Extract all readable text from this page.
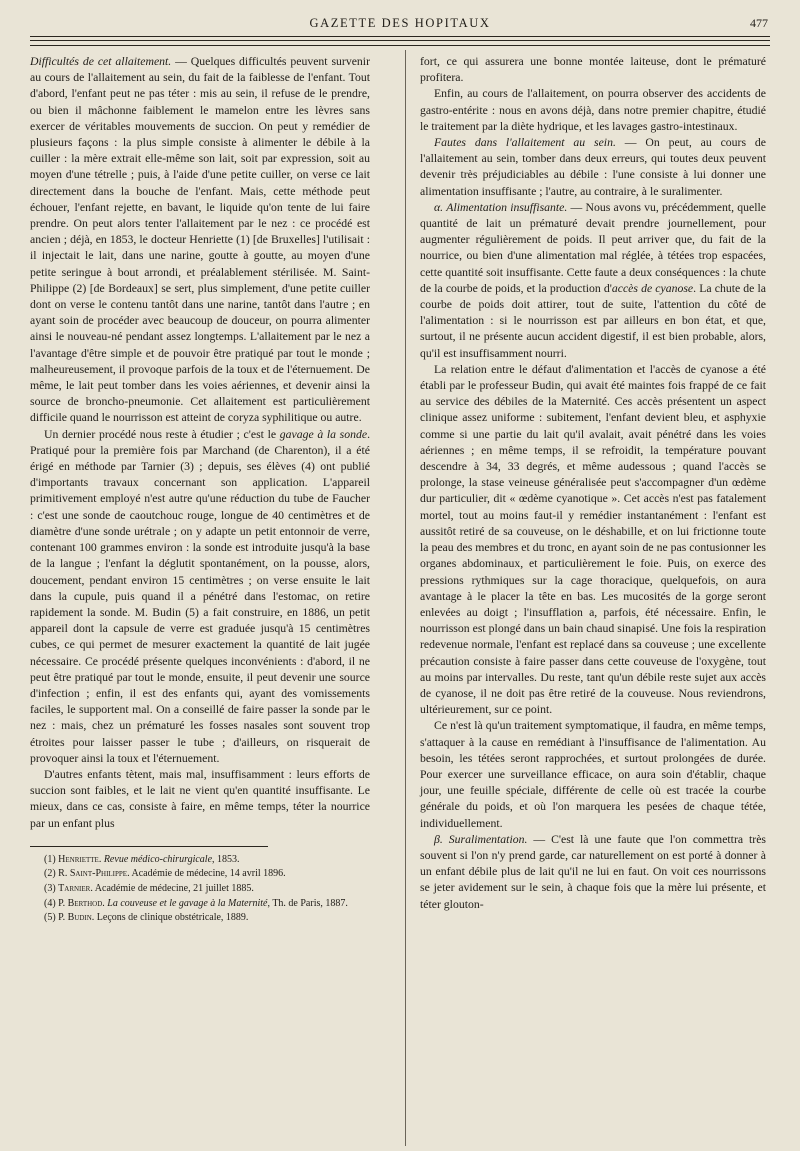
GAZETTE DES HOPITAUX	477

Difficultés de cet allaitement. — Quelques difficultés peuvent survenir au cours de l'allaitement au sein, du fait de la faiblesse de l'enfant. Tout d'abord, l'enfant peut ne pas téter : mis au sein, il refuse de le prendre, ou bien il mâchonne faiblement le mamelon entre les lèvres sans exercer de véritables mouvements de succion. On peut y remédier de plusieurs façons : la plus simple consiste à alimenter le débile à la cuiller : la mère extrait elle-même son lait, soit par expression, soit au moyen d'une tétrelle ; puis, à l'aide d'une petite cuiller, on verse ce lait directement dans la bouche de l'enfant. Mais, cette méthode peut échouer, l'enfant rejette, en bavant, le liquide qu'on tente de lui faire prendre. On peut alors tenter l'allaitement par le nez : ce procédé est ancien ; déjà, en 1853, le docteur Henriette (1) [de Bruxelles] l'utilisait : il injectait le lait, dans une narine, goutte à goutte, au moyen d'une petite seringue à bout arrondi, et préalablement stérilisée. M. Saint-Philippe (2) [de Bordeaux] se sert, plus simplement, d'une petite cuiller dont on verse le contenu tantôt dans une narine, tantôt dans l'autre ; en ayant soin de procéder avec beaucoup de douceur, on pourra alimenter ainsi le nouveau-né pendant assez longtemps. L'allaitement par le nez a l'avantage d'être simple et de pouvoir être pratiqué par tout le monde ; malheureusement, il provoque parfois de la toux et de l'éternuement. De même, le lait peut tomber dans les voies aériennes, et devenir ainsi la source de broncho-pneumonie. Cet allaitement est particulièrement difficile quand le nourrisson est atteint de coryza syphilitique ou autre.

Un dernier procédé nous reste à étudier ; c'est le gavage à la sonde. Pratiqué pour la première fois par Marchand (de Charenton), il a été érigé en méthode par Tarnier (3) ; depuis, ses élèves (4) ont publié d'importants travaux concernant son application. L'appareil primitivement employé n'est autre qu'une réduction du tube de Faucher : c'est une sonde de caoutchouc rouge, longue de 40 centimètres et de diamètre d'une sonde urétrale ; on y adapte un petit entonnoir de verre, contenant 100 grammes environ : la sonde est introduite jusqu'à la base de la langue ; l'enfant la déglutit spontanément, on la pousse, alors, doucement, pendant environ 15 centimètres ; on verse ensuite le lait dans la cupule, puis quand il a pénétré dans l'estomac, on retire rapidement la sonde. M. Budin (5) a fait construire, en 1886, un petit appareil dont la capsule de verre est graduée jusqu'à 15 centimètres cubes, ce qui permet de mesurer exactement la quantité de lait jugée nécessaire. Ce procédé présente quelques inconvénients : d'abord, il ne peut être pratiqué par tout le monde, ensuite, il peut devenir une source d'infection ; enfin, il est des enfants qui, ayant des vomissements faciles, le supportent mal. On a conseillé de faire passer la sonde par le nez : mais, chez un prématuré les fosses nasales sont souvent trop étroites pour laisser passer le tube ; d'ailleurs, on risquerait de provoquer ainsi la toux et l'éternuement.

D'autres enfants tètent, mais mal, insuffisamment : leurs efforts de succion sont faibles, et le lait ne vient qu'en quantité insuffisante. Le mieux, dans ce cas, consiste à faire, en même temps, téter la nourrice par un enfant plus

(1) Henriette. Revue médico-chirurgicale, 1853.

(2) R. Saint-Philippe. Académie de médecine, 14 avril 1896.

(3) Tarnier. Académie de médecine, 21 juillet 1885.

(4) P. Berthod. La couveuse et le gavage à la Maternité, Th. de Paris, 1887.

(5) P. Budin. Leçons de clinique obstétricale, 1889.

fort, ce qui assurera une bonne montée laiteuse, dont le prématuré profitera.

Enfin, au cours de l'allaitement, on pourra observer des accidents de gastro-entérite : nous en avons déjà, dans notre premier chapitre, étudié le traitement par la diète hydrique, et les lavages gastro-intestinaux.

Fautes dans l'allaitement au sein. — On peut, au cours de l'allaitement au sein, tomber dans deux erreurs, qui toutes deux peuvent devenir très préjudiciables au débile : l'une consiste à lui donner une alimentation insuffisante ; l'autre, au contraire, à le suralimenter.

α. Alimentation insuffisante. — Nous avons vu, précédemment, quelle quantité de lait un prématuré devait prendre journellement, pour augmenter régulièrement de poids. Il peut arriver que, du fait de la nourrice, ou bien d'une alimentation mal réglée, à tétées trop espacées, cette quantité soit insuffisante. Cette faute a deux conséquences : la chute de la courbe de poids, et la production d'accès de cyanose. La chute de la courbe de poids doit attirer, tout de suite, l'attention du côté de l'alimentation : si le nourrisson est par ailleurs en bon état, et que, surtout, il ne présente aucun accident digestif, il est bien probable, alors, qu'il est insuffisamment nourri.

La relation entre le défaut d'alimentation et l'accès de cyanose a été établi par le professeur Budin, qui avait été maintes fois frappé de ce fait au service des débiles de la Maternité. Ces accès présentent un aspect clinique assez uniforme : subitement, l'enfant devient bleu, et asphyxie comme si une partie du lait qu'il avalait, avait pénétré dans les voies aériennes ; en même temps, il se refroidit, la température pouvant descendre à 34, 33 degrés, et même audessous ; quand l'accès se prolonge, la stase veineuse généralisée peut s'accompagner d'un œdème dur particulier, dit « œdème cyanotique ». Cet accès n'est pas fatalement mortel, tout au moins faut-il y remédier instantanément : l'enfant est aussitôt retiré de sa couveuse, on le déshabille, et on lui frictionne toute la peau des membres et du tronc, en ayant soin de ne pas contusionner les organes abdominaux, et particulièrement le foie. Puis, on exerce des pressions rythmiques sur la cage thoracique, quelquefois, on aura avantage à le placer la tête en bas. Les mucosités de la gorge seront enlevées au doigt ; l'insufflation a, parfois, été nécessaire. Enfin, le nourrisson est plongé dans un bain chaud sinapisé. Une fois la respiration redevenue normale, l'enfant est replacé dans sa couveuse ; une excellente précaution consiste à faire passer dans cette couveuse de l'oxygène, tout au moins par intervalles. Du reste, tant qu'un débile reste sujet aux accès de cyanose, il ne doit pas être retiré de la couveuse. Nous reviendrons, ultérieurement, sur ce point.

Ce n'est là qu'un traitement symptomatique, il faudra, en même temps, s'attaquer à la cause en remédiant à l'insuffisance de l'alimentation. Au besoin, les tétées seront rapprochées, et surtout prolongées de durée. Pour exercer une surveillance efficace, on aura soin d'établir, chaque jour, une feuille spéciale, différente de celle où est tracée la courbe générale du poids, et où l'on marquera les pesées de chaque tétée, individuellement.

β. Suralimentation. — C'est là une faute que l'on commettra très souvent si l'on n'y prend garde, car naturellement on est porté à donner à un enfant débile plus de lait qu'il ne lui en faut. On voit ces nourrissons se jeter avidement sur le sein, à chaque fois que la mère lui présente, et téter glouton-
